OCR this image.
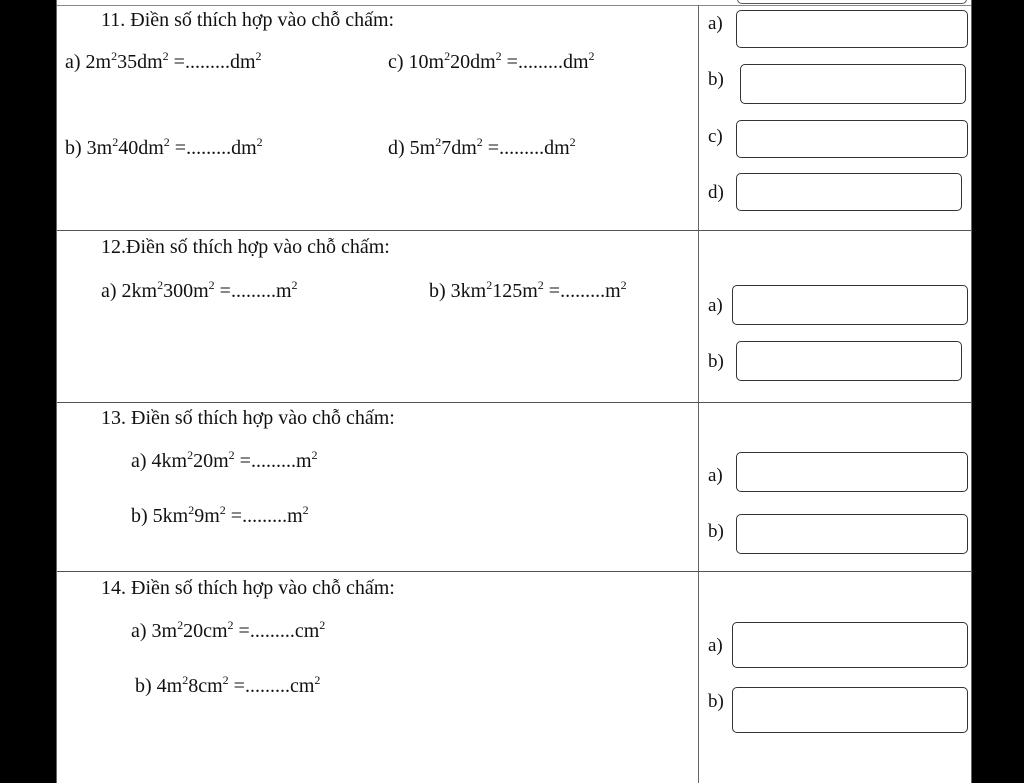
11. Điền số thích hợp vào chỗ chấm:
a) $2m^235dm^2 =.........dm^2$	c) $10m^220dm^2 =.........dm^2$
b) $3m^240dm^2 =.........dm^2$	d) $5m^27dm^2 =.........dm^2$
a)
b)
c)
d)
12.Điền số thích hợp vào chỗ chấm:
a) $2km^2300m^2 =.........m^2$	b) $3km^2125m^2 =.........m^2$
a)
b)
13. Điền số thích hợp vào chỗ chấm:
a) $4km^220m^2 =.........m^2$
b) $5km^29m^2 =.........m^2$
a)
b)
14. Điền số thích hợp vào chỗ chấm:
a) $3m^220cm^2 =.........cm^2$
b) $4m^28cm^2 =.........cm^2$
a)
b)
